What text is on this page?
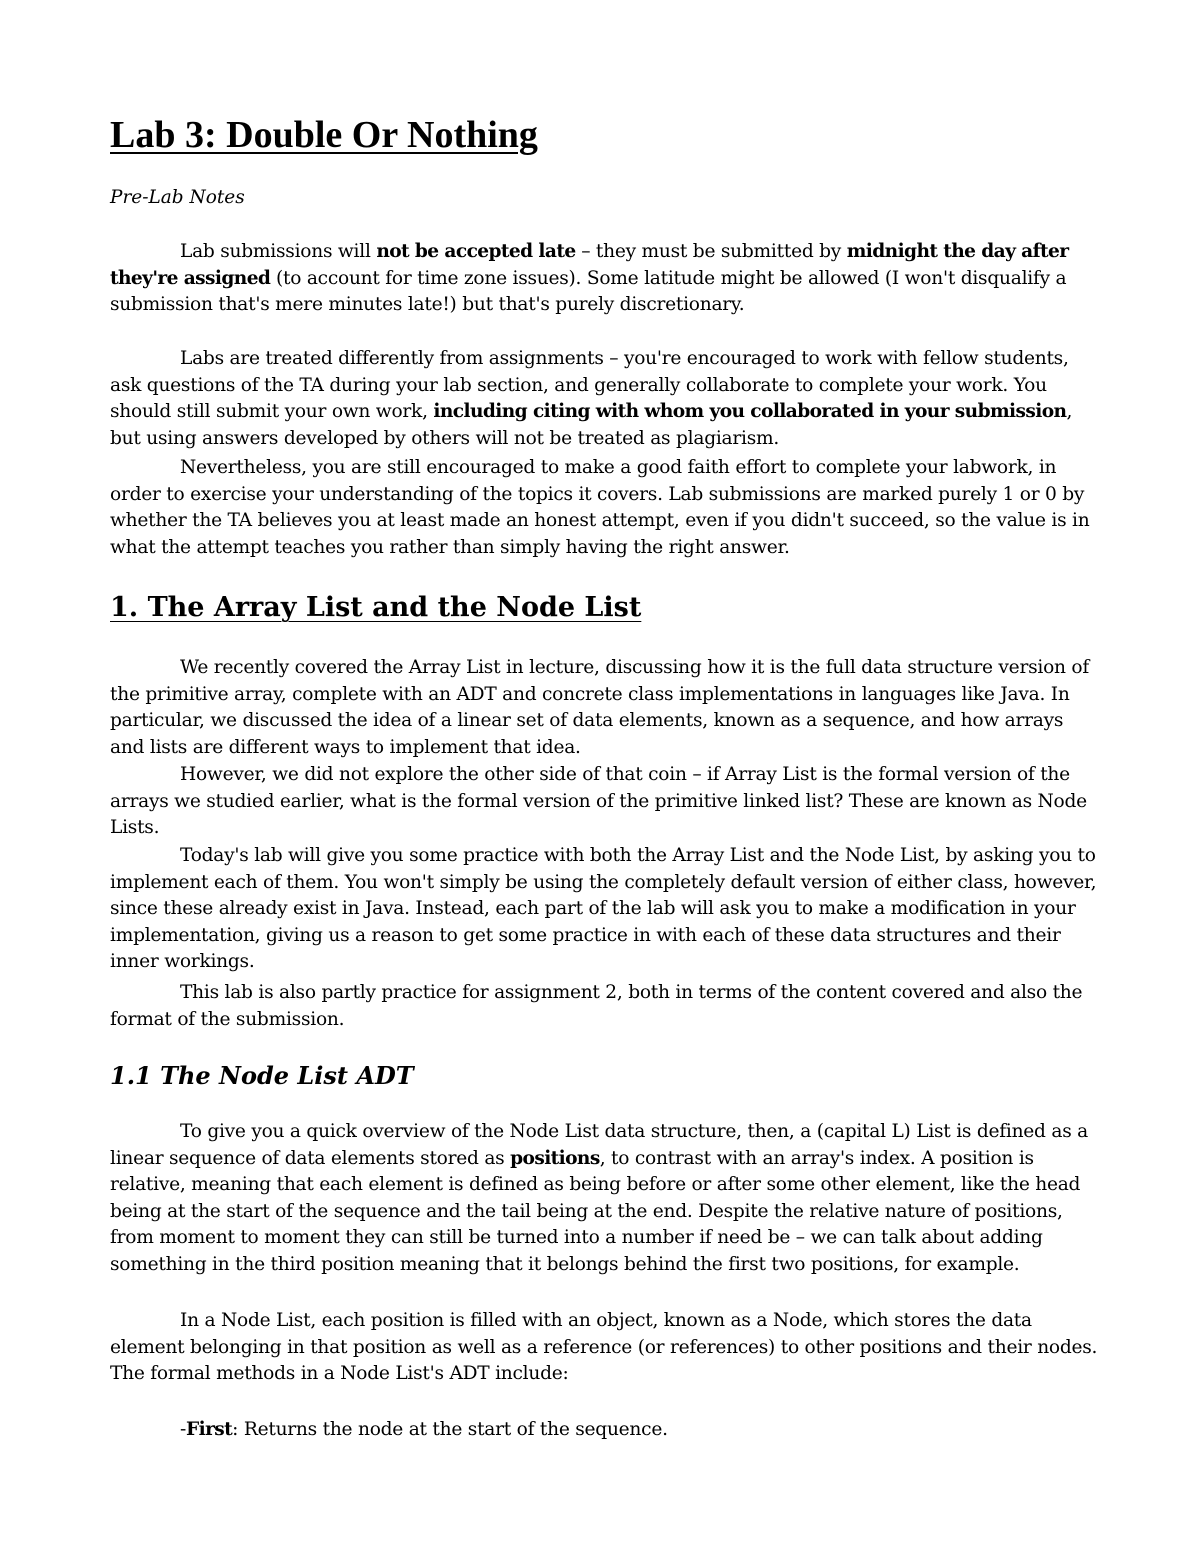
Lab 3: Double Or Nothing

Pre-Lab Notes

Lab submissions will not be accepted late – they must be submitted by midnight the day after they're assigned (to account for time zone issues). Some latitude might be allowed (I won't disqualify a submission that's mere minutes late!) but that's purely discretionary.

Labs are treated differently from assignments – you're encouraged to work with fellow students, ask questions of the TA during your lab section, and generally collaborate to complete your work. You should still submit your own work, including citing with whom you collaborated in your submission, but using answers developed by others will not be treated as plagiarism.

Nevertheless, you are still encouraged to make a good faith effort to complete your labwork, in order to exercise your understanding of the topics it covers. Lab submissions are marked purely 1 or 0 by whether the TA believes you at least made an honest attempt, even if you didn't succeed, so the value is in what the attempt teaches you rather than simply having the right answer.

1. The Array List and the Node List

We recently covered the Array List in lecture, discussing how it is the full data structure version of the primitive array, complete with an ADT and concrete class implementations in languages like Java. In particular, we discussed the idea of a linear set of data elements, known as a sequence, and how arrays and lists are different ways to implement that idea.

However, we did not explore the other side of that coin – if Array List is the formal version of the arrays we studied earlier, what is the formal version of the primitive linked list? These are known as Node Lists.

Today's lab will give you some practice with both the Array List and the Node List, by asking you to implement each of them. You won't simply be using the completely default version of either class, however, since these already exist in Java. Instead, each part of the lab will ask you to make a modification in your implementation, giving us a reason to get some practice in with each of these data structures and their inner workings.

This lab is also partly practice for assignment 2, both in terms of the content covered and also the format of the submission.

1.1 The Node List ADT

To give you a quick overview of the Node List data structure, then, a (capital L) List is defined as a linear sequence of data elements stored as positions, to contrast with an array's index. A position is relative, meaning that each element is defined as being before or after some other element, like the head being at the start of the sequence and the tail being at the end. Despite the relative nature of positions, from moment to moment they can still be turned into a number if need be – we can talk about adding something in the third position meaning that it belongs behind the first two positions, for example.

In a Node List, each position is filled with an object, known as a Node, which stores the data element belonging in that position as well as a reference (or references) to other positions and their nodes. The formal methods in a Node List's ADT include:

-First: Returns the node at the start of the sequence.
